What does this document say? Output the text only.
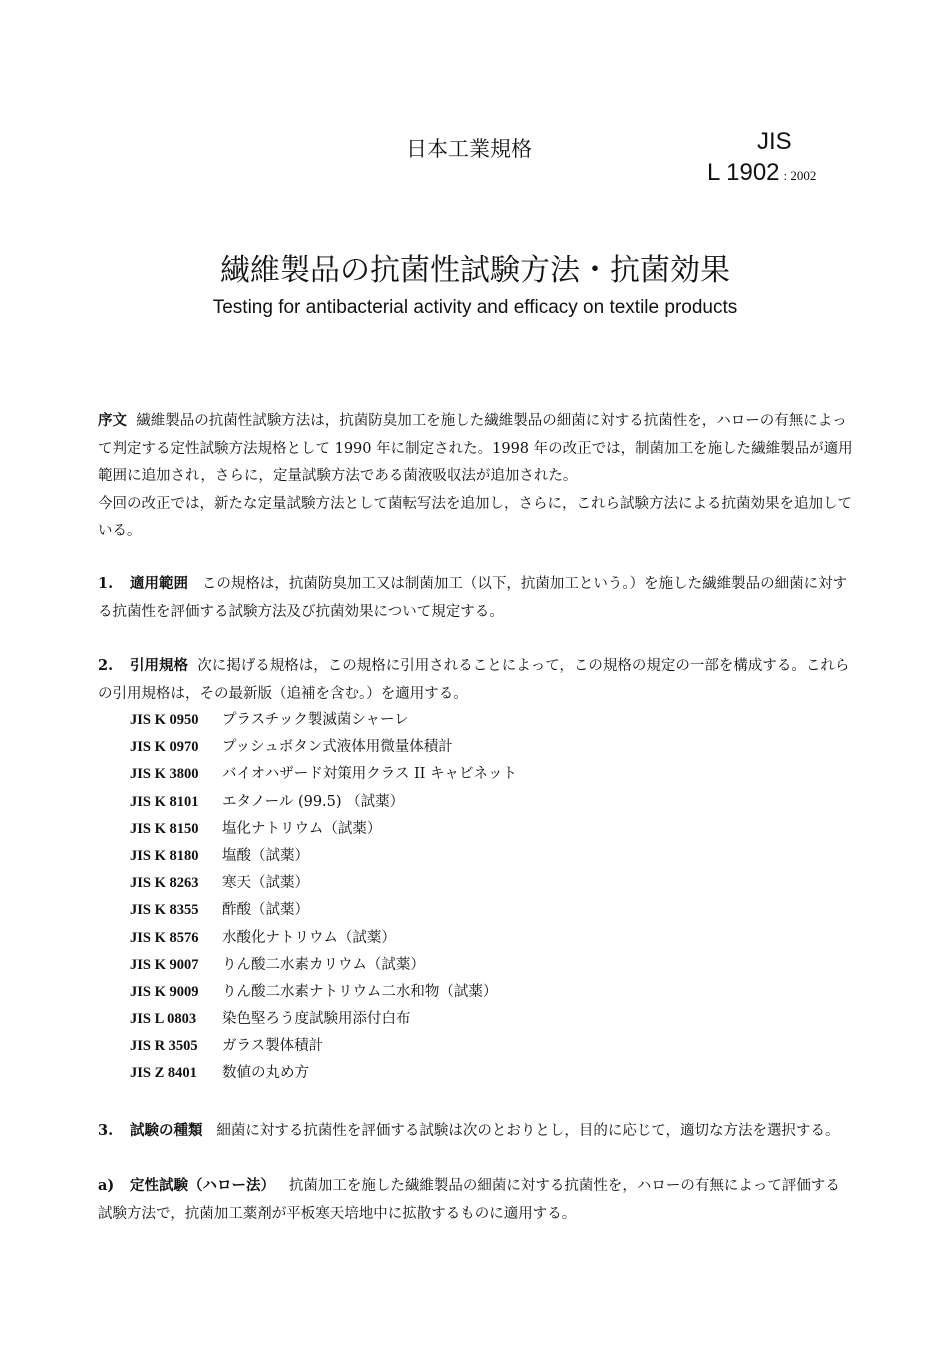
日本工業規格	JIS
L 1902 : 2002
繊維製品の抗菌性試験方法・抗菌効果
Testing for antibacterial activity and efficacy on textile products
序文 繊維製品の抗菌性試験方法は，抗菌防臭加工を施した繊維製品の細菌に対する抗菌性を，ハローの有無によって判定する定性試験方法規格として 1990 年に制定された。1998 年の改正では，制菌加工を施した繊維製品が適用範囲に追加され，さらに，定量試験方法である菌液吸収法が追加された。
今回の改正では，新たな定量試験方法として菌転写法を追加し，さらに，これら試験方法による抗菌効果を追加している。
1. 適用範囲 この規格は，抗菌防臭加工又は制菌加工（以下，抗菌加工という。）を施した繊維製品の細菌に対する抗菌性を評価する試験方法及び抗菌効果について規定する。
2. 引用規格 次に掲げる規格は，この規格に引用されることによって，この規格の規定の一部を構成する。これらの引用規格は，その最新版（追補を含む。）を適用する。
JIS K 0950 プラスチック製滅菌シャーレ
JIS K 0970 プッシュボタン式液体用微量体積計
JIS K 3800 バイオハザード対策用クラス II キャビネット
JIS K 8101 エタノール (99.5) （試薬）
JIS K 8150 塩化ナトリウム（試薬）
JIS K 8180 塩酸（試薬）
JIS K 8263 寒天（試薬）
JIS K 8355 酢酸（試薬）
JIS K 8576 水酸化ナトリウム（試薬）
JIS K 9007 りん酸二水素カリウム（試薬）
JIS K 9009 りん酸二水素ナトリウム二水和物（試薬）
JIS L 0803 染色堅ろう度試験用添付白布
JIS R 3505 ガラス製体積計
JIS Z 8401 数値の丸め方
3. 試験の種類 細菌に対する抗菌性を評価する試験は次のとおりとし，目的に応じて，適切な方法を選択する。
a) 定性試験（ハロー法） 抗菌加工を施した繊維製品の細菌に対する抗菌性を，ハローの有無によって評価する試験方法で，抗菌加工薬剤が平板寒天培地中に拡散するものに適用する。
